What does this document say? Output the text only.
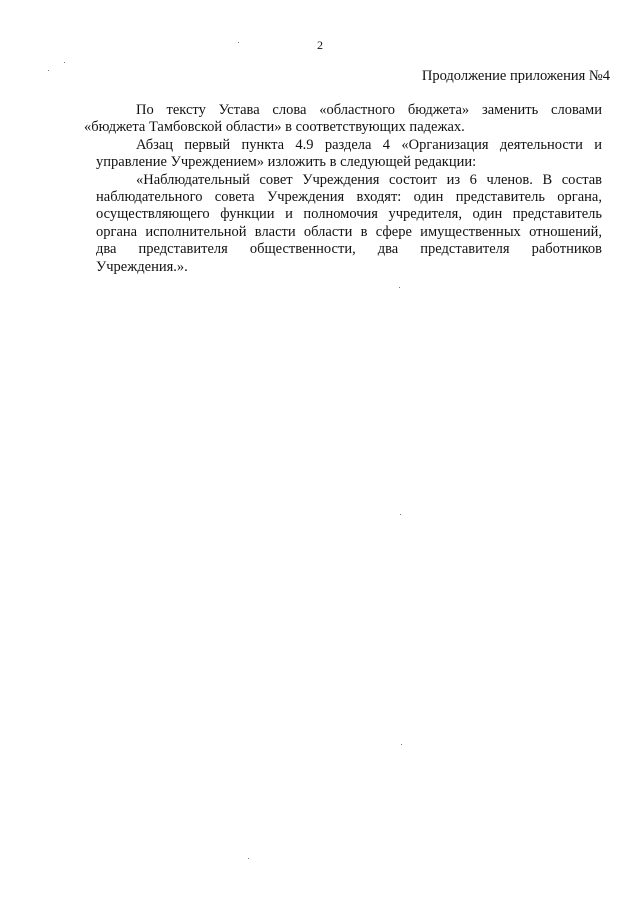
2
Продолжение приложения №4
По тексту Устава слова «областного бюджета» заменить словами
«бюджета Тамбовской области» в соответствующих падежах.
Абзац первый пункта 4.9 раздела 4 «Организация деятельности и
управление Учреждением» изложить в следующей редакции:
«Наблюдательный совет Учреждения состоит из 6 членов. В состав
наблюдательного совета Учреждения входят: один представитель органа,
осуществляющего функции и полномочия учредителя, один представитель
органа исполнительной власти области в сфере имущественных отношений,
два представителя общественности, два представителя работников
Учреждения.».
